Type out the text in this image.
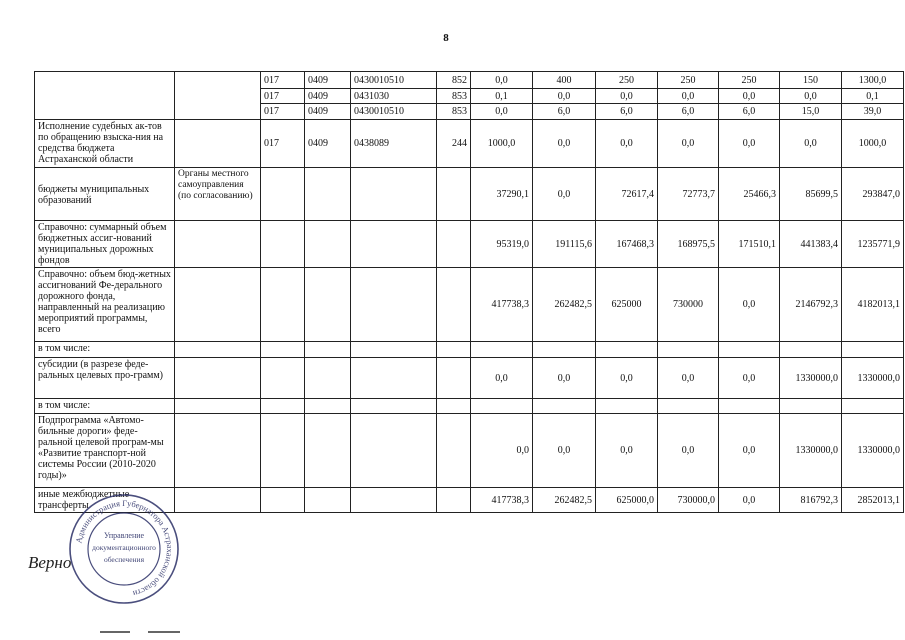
8
		017	0409	0430010510	852	0,0	400	250	250	250	150	1300,0
		017	0409	0431030	853	0,1	0,0	0,0	0,0	0,0	0,0	0,1
		017	0409	0430010510	853	0,0	6,0	6,0	6,0	6,0	15,0	39,0
Исполнение судебных ак-тов по обращению взыска-ния на средства бюджета Астраханской области		017	0409	0438089	244	1000,0	0,0	0,0	0,0	0,0	0,0	1000,0
бюджеты муниципальных образований	Органы местного самоуправления (по согласованию)					37290,1	0,0	72617,4	72773,7	25466,3	85699,5	293847,0
Справочно: суммарный объем бюджетных ассиг-нований муниципальных дорожных фондов						95319,0	191115,6	167468,3	168975,5	171510,1	441383,4	1235771,9
Справочно: объем бюд-жетных ассигнований Фе-дерального дорожного фонда, направленный на реализацию мероприятий программы, всего						417738,3	262482,5	625000	730000	0,0	2146792,3	4182013,1
в том числе:												
субсидии (в разрезе феде-ральных целевых про-грамм)						0,0	0,0	0,0	0,0	0,0	1330000,0	1330000,0
в том числе:												
Подпрограмма «Автомо-бильные дороги» феде-ральной целевой програм-мы «Развитие транспорт-ной системы России (2010-2020 годы)»						0,0	0,0	0,0	0,0	0,0	1330000,0	1330000,0
иные межбюджетные трансферты						417738,3	262482,5	625000,0	730000,0	0,0	816792,3	2852013,1
Администрация Губернатора Астраханской области
Управление
документационного
обеспечения
Верно
